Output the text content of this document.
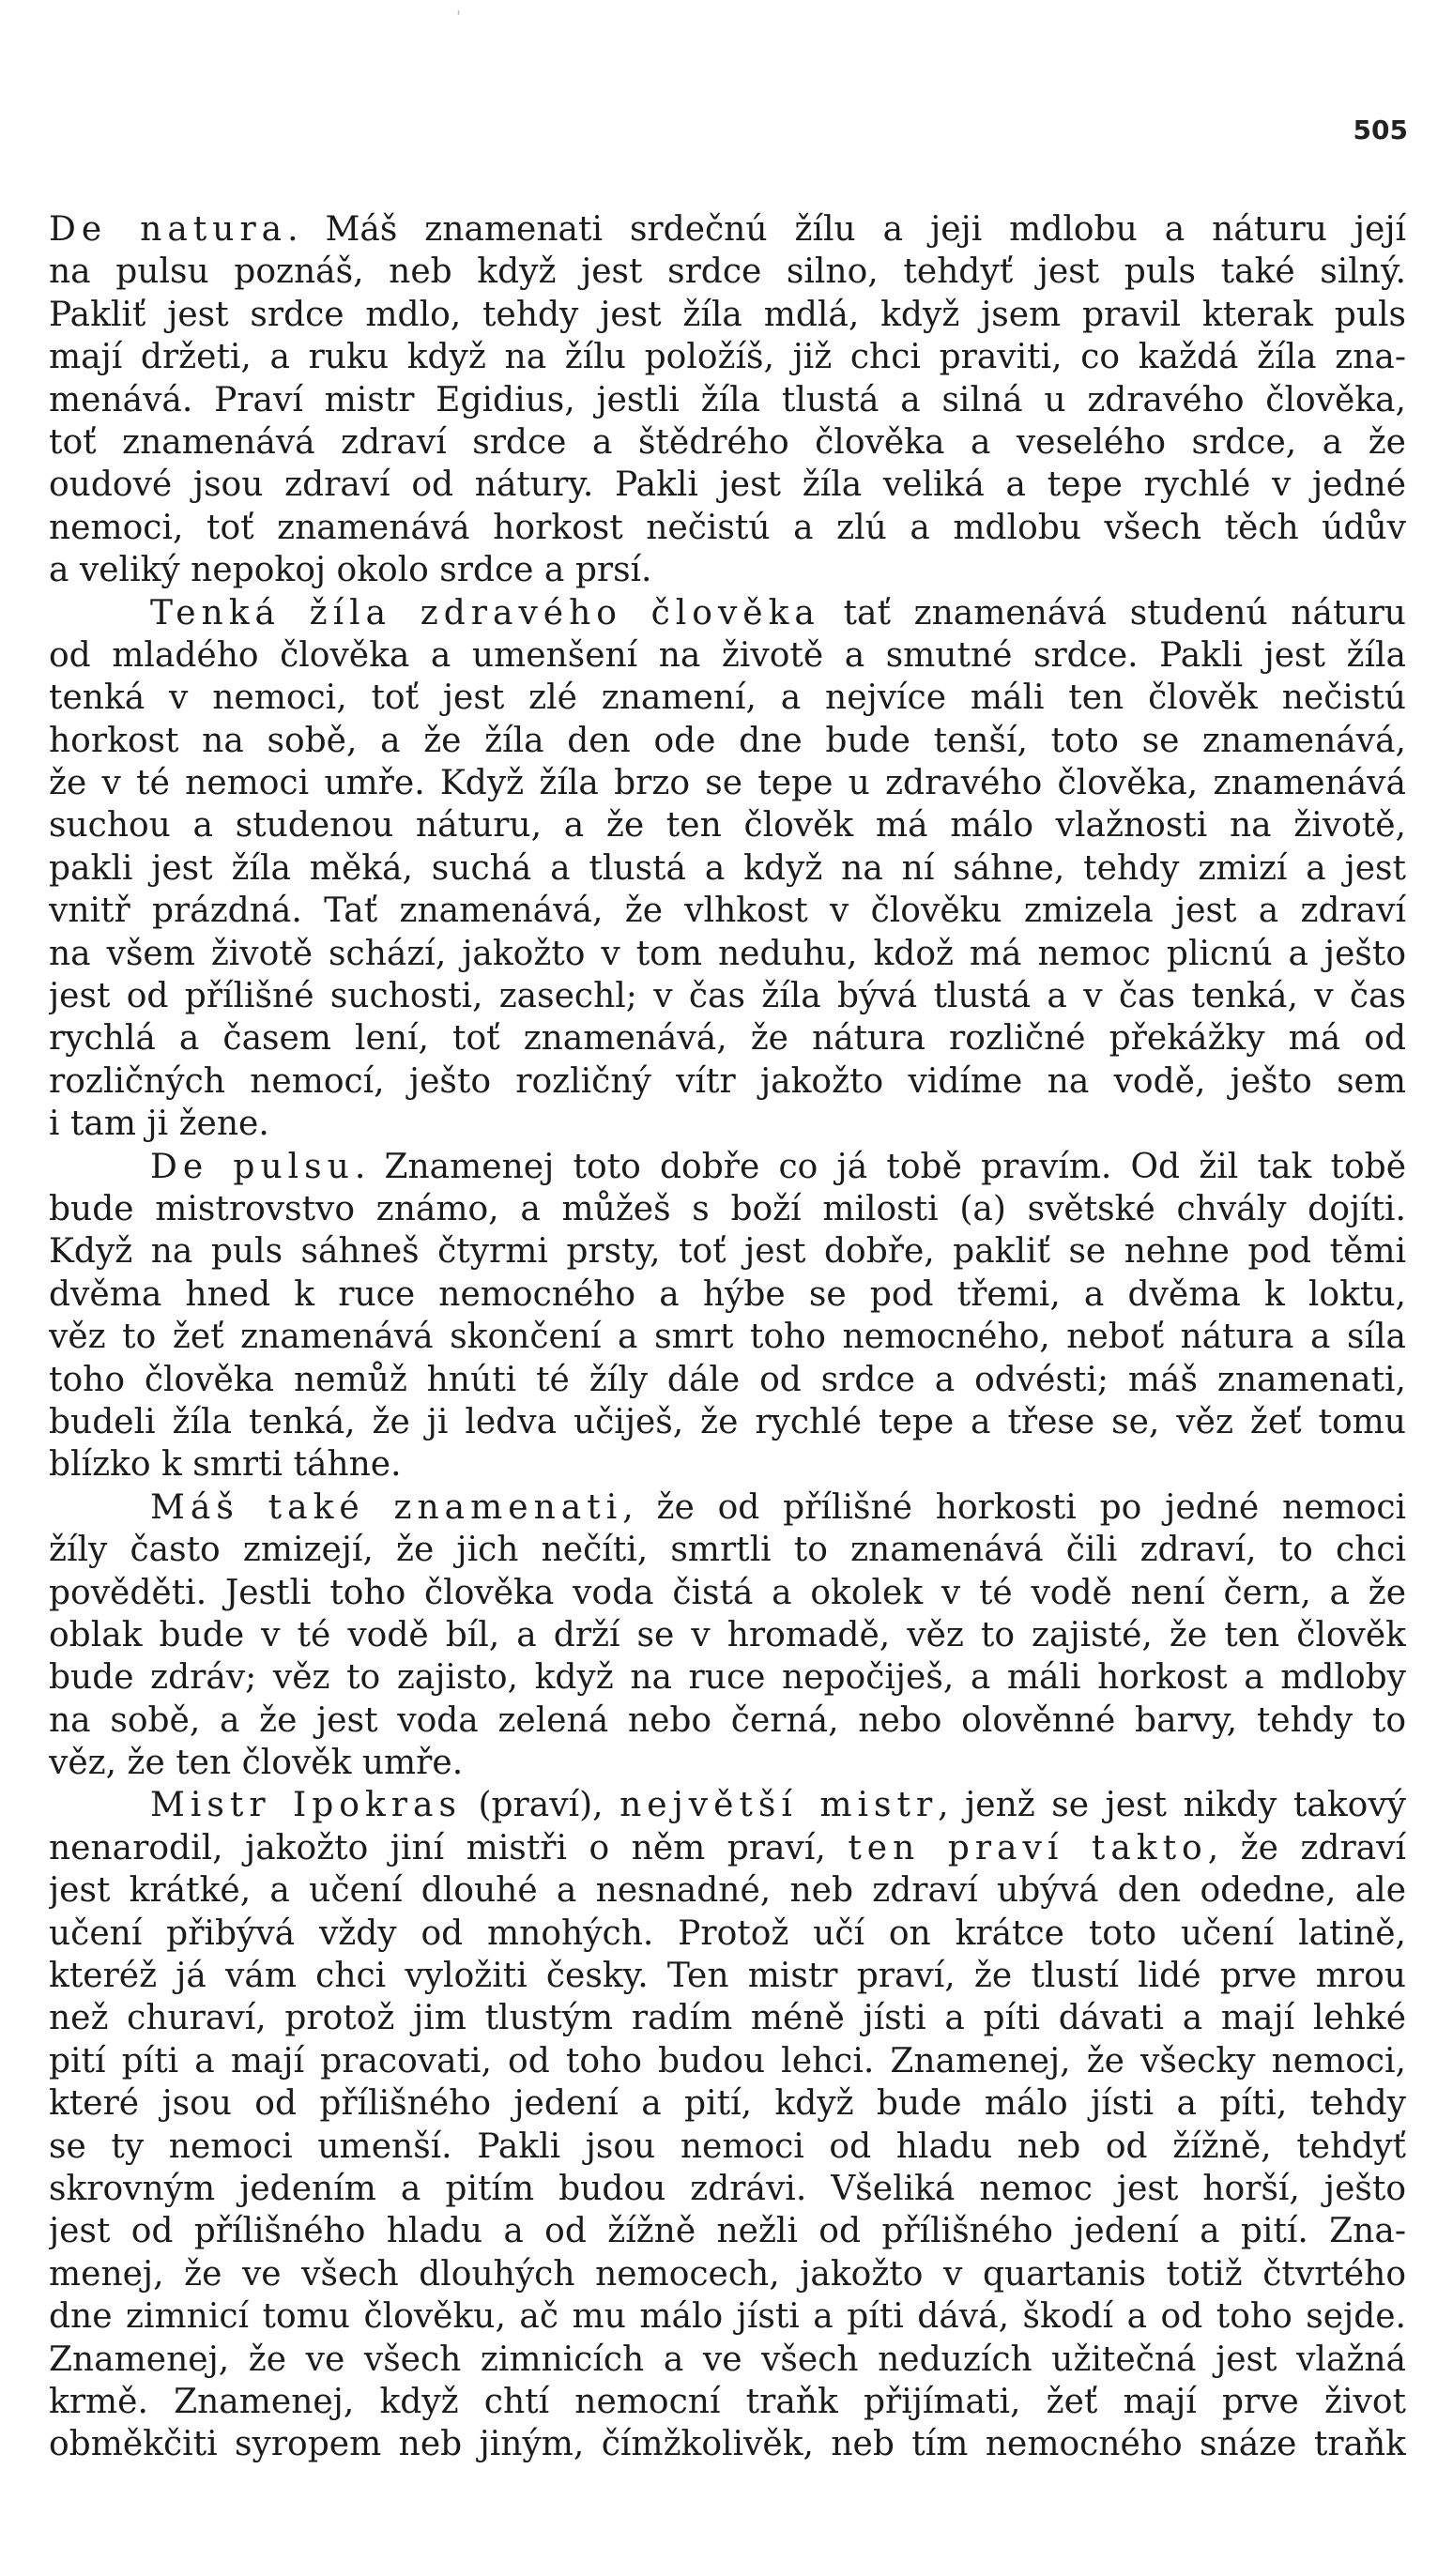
'
505
De natura. Máš znamenati srdečnú žílu a jeji mdlobu a náturu její
na pulsu poznáš, neb když jest srdce silno, tehdyť jest puls také silný.
Pakliť jest srdce mdlo, tehdy jest žíla mdlá, když jsem pravil kterak puls
mají držeti, a ruku když na žílu položíš, již chci praviti, co každá žíla zna-
menává. Praví mistr Egidius, jestli žíla tlustá a silná u zdravého člověka,
toť znamenává zdraví srdce a štědrého člověka a veselého srdce, a že
oudové jsou zdraví od nátury. Pakli jest žíla veliká a tepe rychlé v jedné
nemoci, toť znamenává horkost nečistú a zlú a mdlobu všech těch údův
a veliký nepokoj okolo srdce a prsí.
Tenká žíla zdravého člověka tať znamenává studenú náturu
od mladého člověka a umenšení na životě a smutné srdce. Pakli jest žíla
tenká v nemoci, toť jest zlé znamení, a nejvíce máli ten člověk nečistú
horkost na sobě, a že žíla den ode dne bude tenší, toto se znamenává,
že v té nemoci umře. Když žíla brzo se tepe u zdravého člověka, znamenává
suchou a studenou náturu, a že ten člověk má málo vlažnosti na životě,
pakli jest žíla měká, suchá a tlustá a když na ní sáhne, tehdy zmizí a jest
vnitř prázdná. Tať znamenává, že vlhkost v člověku zmizela jest a zdraví
na všem životě schází, jakožto v tom neduhu, kdož má nemoc plicnú a ješto
jest od přílišné suchosti, zasechl; v čas žíla bývá tlustá a v čas tenká, v čas
rychlá a časem lení, toť znamenává, že nátura rozličné překážky má od
rozličných nemocí, ješto rozličný vítr jakožto vidíme na vodě, ješto sem
i tam ji žene.
De pulsu. Znamenej toto dobře co já tobě pravím. Od žil tak tobě
bude mistrovstvo známo, a můžeš s boží milosti (a) světské chvály dojíti.
Když na puls sáhneš čtyrmi prsty, toť jest dobře, pakliť se nehne pod těmi
dvěma hned k ruce nemocného a hýbe se pod třemi, a dvěma k loktu,
věz to žeť znamenává skončení a smrt toho nemocného, neboť nátura a síla
toho člověka nemůž hnúti té žíly dále od srdce a odvésti; máš znamenati,
budeli žíla tenká, že ji ledva učiješ, že rychlé tepe a třese se, věz žeť tomu
blízko k smrti táhne.
Máš také znamenati, že od přílišné horkosti po jedné nemoci
žíly často zmizejí, že jich nečíti, smrtli to znamenává čili zdraví, to chci
pověděti. Jestli toho člověka voda čistá a okolek v té vodě není čern, a že
oblak bude v té vodě bíl, a drží se v hromadě, věz to zajisté, že ten člověk
bude zdráv; věz to zajisto, když na ruce nepočiješ, a máli horkost a mdloby
na sobě, a že jest voda zelená nebo černá, nebo olověnné barvy, tehdy to
věz, že ten člověk umře.
Mistr Ipokras (praví), největší mistr, jenž se jest nikdy takový
nenarodil, jakožto jiní mistři o něm praví, ten praví takto, že zdraví
jest krátké, a učení dlouhé a nesnadné, neb zdraví ubývá den odedne, ale
učení přibývá vždy od mnohých. Protož učí on krátce toto učení latině,
kteréž já vám chci vyložiti česky. Ten mistr praví, že tlustí lidé prve mrou
než churaví, protož jim tlustým radím méně jísti a píti dávati a mají lehké
pití píti a mají pracovati, od toho budou lehci. Znamenej, že všecky nemoci,
které jsou od přílišného jedení a pití, když bude málo jísti a píti, tehdy
se ty nemoci umenší. Pakli jsou nemoci od hladu neb od žížně, tehdyť
skrovným jedením a pitím budou zdrávi. Všeliká nemoc jest horší, ješto
jest od přílišného hladu a od žížně nežli od přílišného jedení a pití. Zna-
menej, že ve všech dlouhých nemocech, jakožto v quartanis totiž čtvrtého
dne zimnicí tomu člověku, ač mu málo jísti a píti dává, škodí a od toho sejde.
Znamenej, že ve všech zimnicích a ve všech neduzích užitečná jest vlažná
krmě. Znamenej, když chtí nemocní traňk přijímati, žeť mají prve život
obměkčiti syropem neb jiným, čímžkolivěk, neb tím nemocného snáze traňk
